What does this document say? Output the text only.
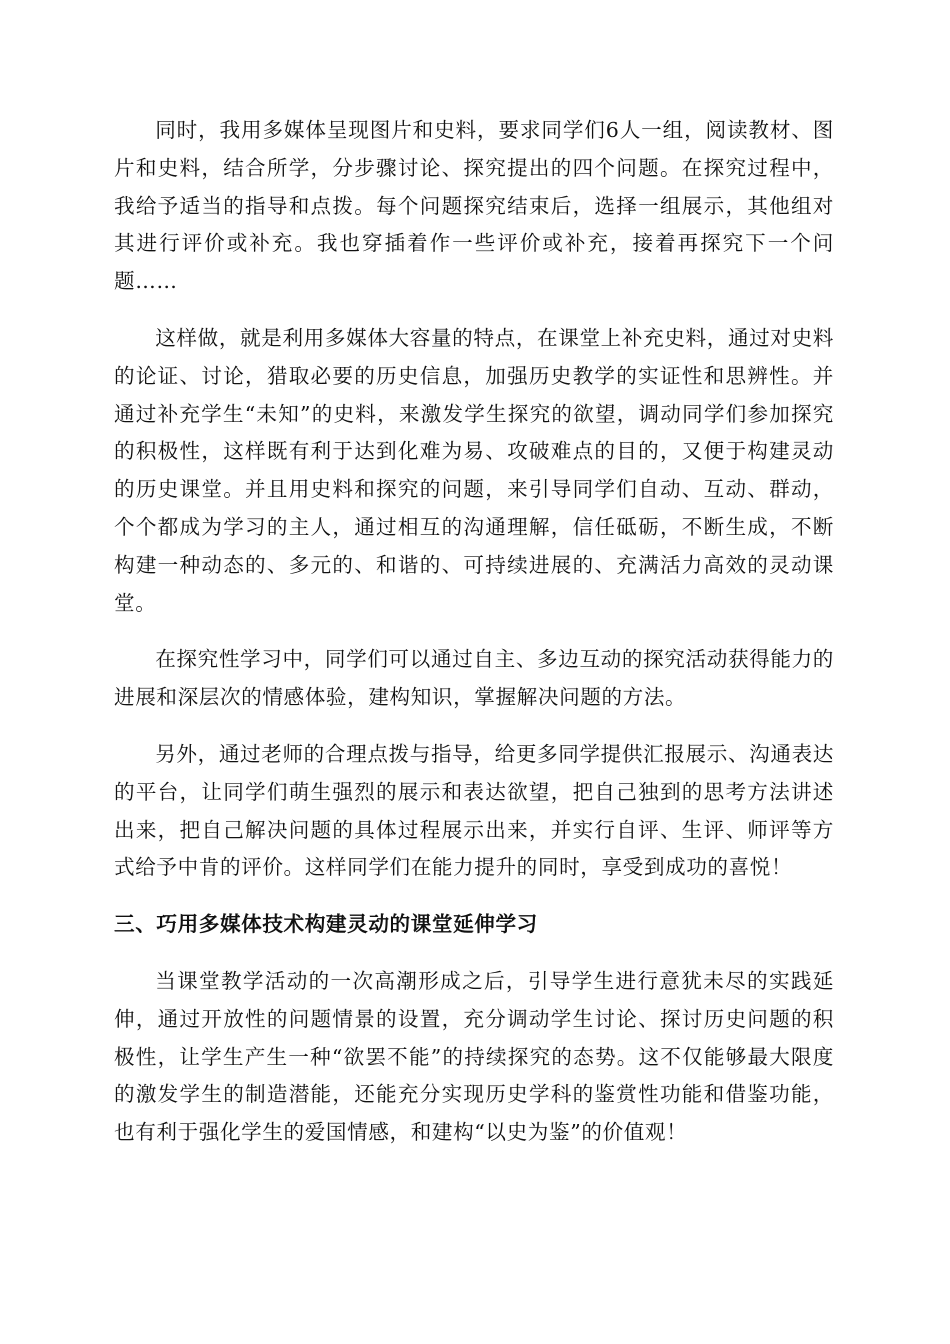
同时，我用多媒体呈现图片和史料，要求同学们6人一组，阅读教材、图片和史料，结合所学，分步骤讨论、探究提出的四个问题。在探究过程中，我给予适当的指导和点拨。每个问题探究结束后，选择一组展示，其他组对其进行评价或补充。我也穿插着作一些评价或补充，接着再探究下一个问题……

这样做，就是利用多媒体大容量的特点，在课堂上补充史料，通过对史料的论证、讨论，猎取必要的历史信息，加强历史教学的实证性和思辨性。并通过补充学生“未知”的史料，来激发学生探究的欲望，调动同学们参加探究的积极性，这样既有利于达到化难为易、攻破难点的目的，又便于构建灵动的历史课堂。并且用史料和探究的问题，来引导同学们自动、互动、群动，个个都成为学习的主人，通过相互的沟通理解，信任砥砺，不断生成，不断构建一种动态的、多元的、和谐的、可持续进展的、充满活力高效的灵动课堂。

在探究性学习中，同学们可以通过自主、多边互动的探究活动获得能力的进展和深层次的情感体验，建构知识，掌握解决问题的方法。

另外，通过老师的合理点拨与指导，给更多同学提供汇报展示、沟通表达的平台，让同学们萌生强烈的展示和表达欲望，把自己独到的思考方法讲述出来，把自己解决问题的具体过程展示出来，并实行自评、生评、师评等方式给予中肯的评价。这样同学们在能力提升的同时，享受到成功的喜悦！

三、巧用多媒体技术构建灵动的课堂延伸学习

当课堂教学活动的一次高潮形成之后，引导学生进行意犹未尽的实践延伸，通过开放性的问题情景的设置，充分调动学生讨论、探讨历史问题的积极性，让学生产生一种“欲罢不能”的持续探究的态势。这不仅能够最大限度的激发学生的制造潜能，还能充分实现历史学科的鉴赏性功能和借鉴功能，也有利于强化学生的爱国情感，和建构“以史为鉴”的价值观！
